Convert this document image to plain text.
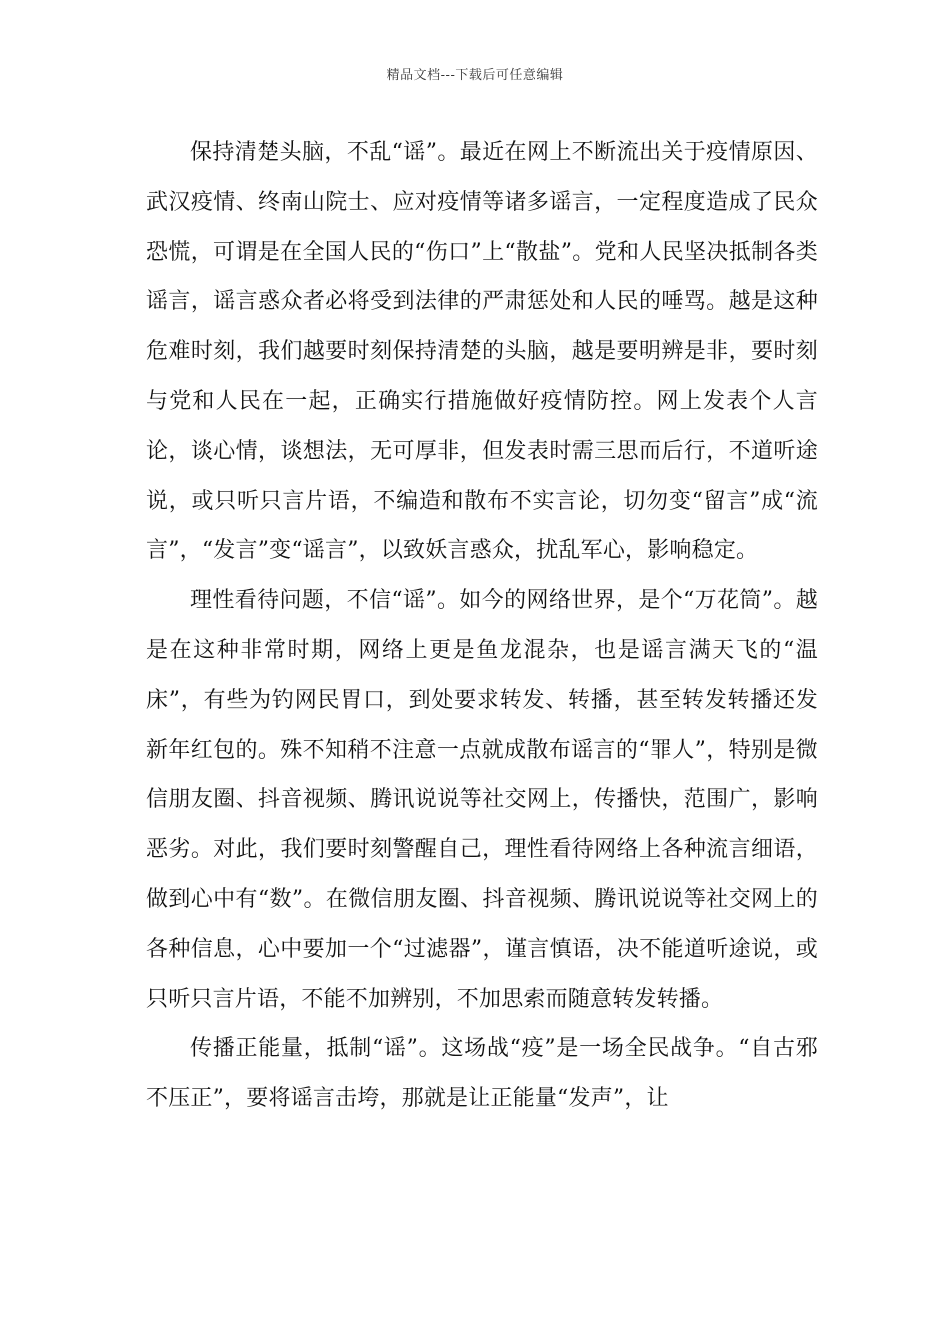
精品文档---下载后可任意编辑

保持清楚头脑，不乱“谣”。最近在网上不断流出关于疫情原因、武汉疫情、终南山院士、应对疫情等诸多谣言，一定程度造成了民众恐慌，可谓是在全国人民的“伤口”上“散盐”。党和人民坚决抵制各类谣言，谣言惑众者必将受到法律的严肃惩处和人民的唾骂。越是这种危难时刻，我们越要时刻保持清楚的头脑，越是要明辨是非，要时刻与党和人民在一起，正确实行措施做好疫情防控。网上发表个人言论，谈心情，谈想法，无可厚非，但发表时需三思而后行，不道听途说，或只听只言片语，不编造和散布不实言论，切勿变“留言”成“流言”，“发言”变“谣言”，以致妖言惑众，扰乱军心，影响稳定。

理性看待问题，不信“谣”。如今的网络世界，是个“万花筒”。越是在这种非常时期，网络上更是鱼龙混杂，也是谣言满天飞的“温床”，有些为钓网民胃口，到处要求转发、转播，甚至转发转播还发新年红包的。殊不知稍不注意一点就成散布谣言的“罪人”，特别是微信朋友圈、抖音视频、腾讯说说等社交网上，传播快，范围广，影响恶劣。对此，我们要时刻警醒自己，理性看待网络上各种流言细语，做到心中有“数”。在微信朋友圈、抖音视频、腾讯说说等社交网上的各种信息，心中要加一个“过滤器”，谨言慎语，决不能道听途说，或只听只言片语，不能不加辨别，不加思索而随意转发转播。

传播正能量，抵制“谣”。这场战“疫”是一场全民战争。“自古邪不压正”，要将谣言击垮，那就是让正能量“发声”，让
